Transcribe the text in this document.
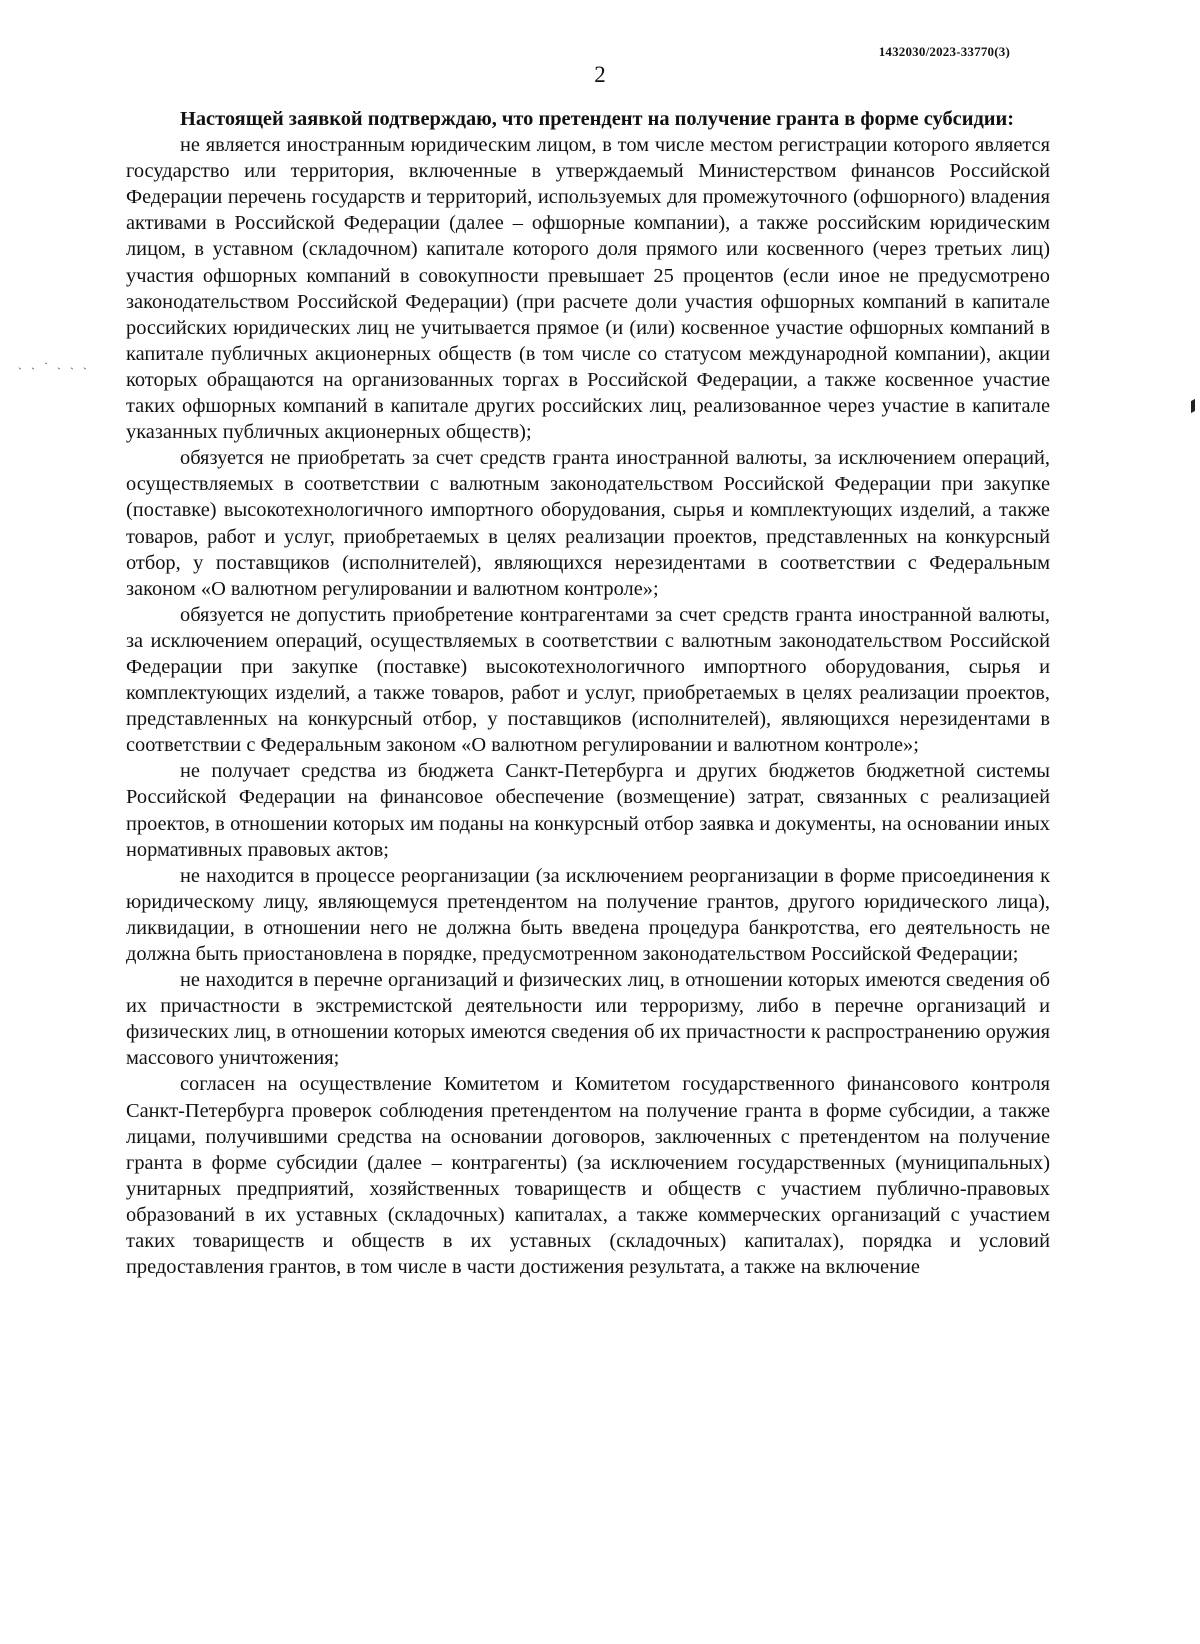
1432030/2023-33770(3)
2
ˎ ˏ · ˏ ˏ ˏ

Настоящей заявкой подтверждаю, что претендент на получение гранта в форме субсидии:

не является иностранным юридическим лицом, в том числе местом регистрации которого является государство или территория, включенные в утверждаемый Министерством финансов Российской Федерации перечень государств и территорий, используемых для промежуточного (офшорного) владения активами в Российской Федерации (далее – офшорные компании), а также российским юридическим лицом, в уставном (складочном) капитале которого доля прямого или косвенного (через третьих лиц) участия офшорных компаний в совокупности превышает 25 процентов (если иное не предусмотрено законодательством Российской Федерации) (при расчете доли участия офшорных компаний в капитале российских юридических лиц не учитывается прямое (и (или) косвенное участие офшорных компаний в капитале публичных акционерных обществ (в том числе со статусом международной компании), акции которых обращаются на организованных торгах в Российской Федерации, а также косвенное участие таких офшорных компаний в капитале других российских лиц, реализованное через участие в капитале указанных публичных акционерных обществ);

обязуется не приобретать за счет средств гранта иностранной валюты, за исключением операций, осуществляемых в соответствии с валютным законодательством Российской Федерации при закупке (поставке) высокотехнологичного импортного оборудования, сырья и комплектующих изделий, а также товаров, работ и услуг, приобретаемых в целях реализации проектов, представленных на конкурсный отбор, у поставщиков (исполнителей), являющихся нерезидентами в соответствии с Федеральным законом «О валютном регулировании и валютном контроле»;

обязуется не допустить приобретение контрагентами за счет средств гранта иностранной валюты, за исключением операций, осуществляемых в соответствии с валютным законодательством Российской Федерации при закупке (поставке) высокотехнологичного импортного оборудования, сырья и комплектующих изделий, а также товаров, работ и услуг, приобретаемых в целях реализации проектов, представленных на конкурсный отбор, у поставщиков (исполнителей), являющихся нерезидентами в соответствии с Федеральным законом «О валютном регулировании и валютном контроле»;

не получает средства из бюджета Санкт-Петербурга и других бюджетов бюджетной системы Российской Федерации на финансовое обеспечение (возмещение) затрат, связанных с реализацией проектов, в отношении которых им поданы на конкурсный отбор заявка и документы, на основании иных нормативных правовых актов;

не находится в процессе реорганизации (за исключением реорганизации в форме присоединения к юридическому лицу, являющемуся претендентом на получение грантов, другого юридического лица), ликвидации, в отношении него не должна быть введена процедура банкротства, его деятельность не должна быть приостановлена в порядке, предусмотренном законодательством Российской Федерации;

не находится в перечне организаций и физических лиц, в отношении которых имеются сведения об их причастности в экстремистской деятельности или терроризму, либо в перечне организаций и физических лиц, в отношении которых имеются сведения об их причастности к распространению оружия массового уничтожения;

согласен на осуществление Комитетом и Комитетом государственного финансового контроля Санкт-Петербурга проверок соблюдения претендентом на получение гранта в форме субсидии, а также лицами, получившими средства на основании договоров, заключенных с претендентом на получение гранта в форме субсидии (далее – контрагенты) (за исключением государственных (муниципальных) унитарных предприятий, хозяйственных товариществ и обществ с участием публично-правовых образований в их уставных (складочных) капиталах, а также коммерческих организаций с участием таких товариществ и обществ в их уставных (складочных) капиталах), порядка и условий предоставления грантов, в том числе в части достижения результата, а также на включение
